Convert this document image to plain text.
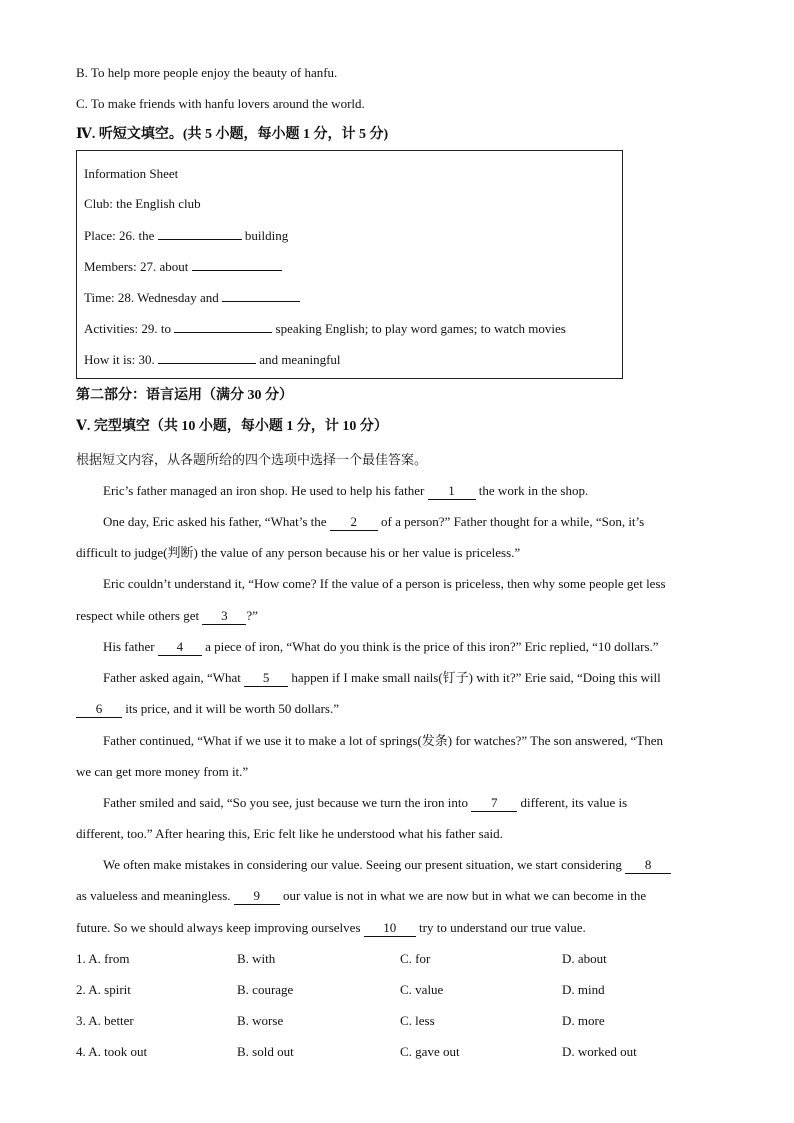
B. To help more people enjoy the beauty of hanfu.
C. To make friends with hanfu lovers around the world.
Ⅳ. 听短文填空。(共 5 小题，每小题 1 分，计 5 分)
Information Sheet
Club: the English club
Place: 26. the	building
Members: 27. about
Time: 28. Wednesday and
Activities: 29. to	speaking English; to play word games; to watch movies
How it is: 30.	and meaningful
第二部分：语言运用（满分 30 分）
Ⅴ. 完型填空（共 10 小题，每小题 1 分，计 10 分）
根据短文内容，从各题所给的四个选项中选择一个最佳答案。
Eric’s father managed an iron shop. He used to help his father 1 the work in the shop.
One day, Eric asked his father, “What’s the 2 of a person?” Father thought for a while, “Son, it’s
difficult to judge(判断) the value of any person because his or her value is priceless.”
Eric couldn’t understand it, “How come? If the value of a person is priceless, then why some people get less
respect while others get 3 ?”
His father 4 a piece of iron, “What do you think is the price of this iron?” Eric replied, “10 dollars.”
Father asked again, “What 5 happen if I make small nails(钉子) with it?” Erie said, “Doing this will
6 its price, and it will be worth 50 dollars.”
Father continued, “What if we use it to make a lot of springs(发条) for watches?” The son answered, “Then
we can get more money from it.”
Father smiled and said, “So you see, just because we turn the iron into 7 different, its value is
different, too.” After hearing this, Eric felt like he understood what his father said.
We often make mistakes in considering our value. Seeing our present situation, we start considering 8
as valueless and meaningless. 9 our value is not in what we are now but in what we can become in the
future. So we should always keep improving ourselves 10 try to understand our true value.
1. A. from	B. with	C. for	D. about
2. A. spirit	B. courage	C. value	D. mind
3. A. better	B. worse	C. less	D. more
4. A. took out	B. sold out	C. gave out	D. worked out
